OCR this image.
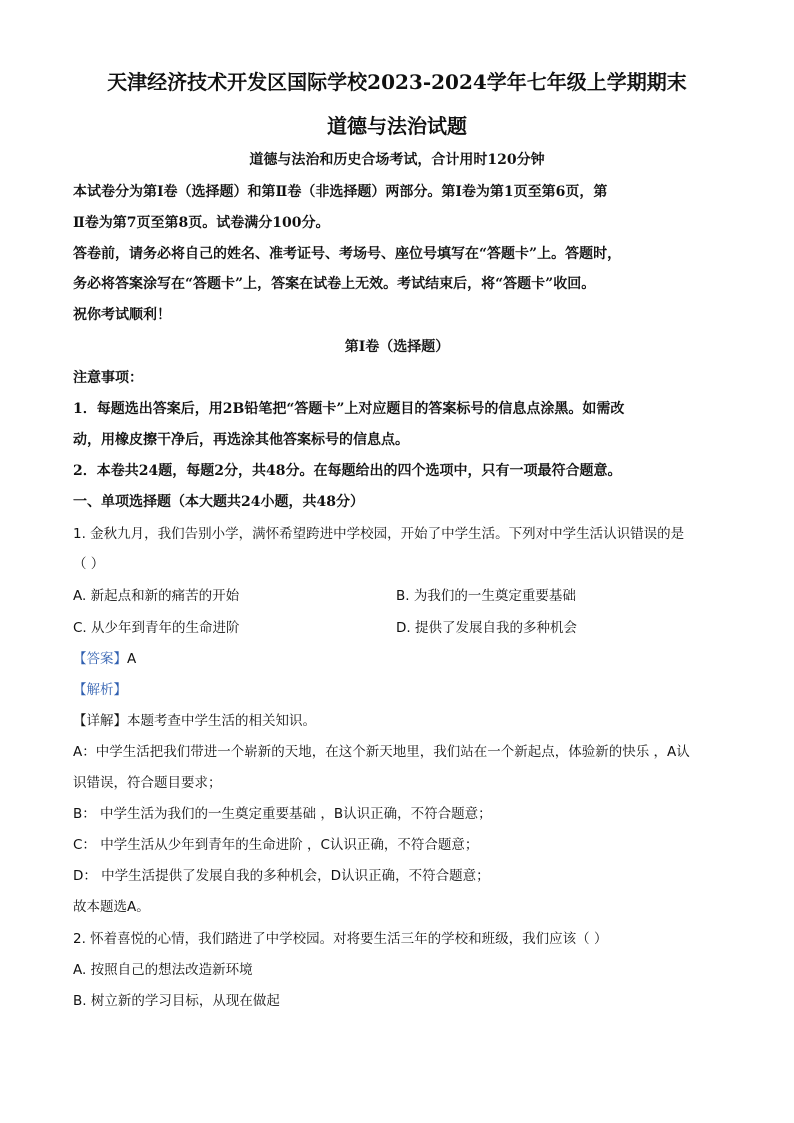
天津经济技术开发区国际学校2023-2024学年七年级上学期期末
道德与法治试题
道德与法治和历史合场考试，合计用时120分钟
本试卷分为第Ⅰ卷（选择题）和第Ⅱ卷（非选择题）两部分。第Ⅰ卷为第1页至第6页，第
Ⅱ卷为第7页至第8页。试卷满分100分。
答卷前，请务必将自己的姓名、准考证号、考场号、座位号填写在“答题卡”上。答题时，
务必将答案涂写在“答题卡”上，答案在试卷上无效。考试结束后，将“答题卡”收回。
祝你考试顺利！
第Ⅰ卷（选择题）
注意事项：
1．每题选出答案后，用2B铅笔把“答题卡”上对应题目的答案标号的信息点涂黑。如需改
动，用橡皮擦干净后，再选涂其他答案标号的信息点。
2．本卷共24题，每题2分，共48分。在每题给出的四个选项中，只有一项最符合题意。
一、单项选择题（本大题共24小题，共48分）
1. 金秋九月，我们告别小学，满怀希望跨进中学校园，开始了中学生活。下列对中学生活认识错误的是
（ ）
A. 新起点和新的痛苦的开始	B. 为我们的一生奠定重要基础
C. 从少年到青年的生命进阶	D. 提供了发展自我的多种机会
【答案】A
【解析】
【详解】本题考查中学生活的相关知识。
A：中学生活把我们带进一个崭新的天地，在这个新天地里，我们站在一个新起点，体验新的快乐 ，A认
识错误，符合题目要求；
B： 中学生活为我们的一生奠定重要基础 ，B认识正确，不符合题意；
C： 中学生活从少年到青年的生命进阶 ，C认识正确，不符合题意；
D： 中学生活提供了发展自我的多种机会，D认识正确，不符合题意；
故本题选A。
2. 怀着喜悦的心情，我们踏进了中学校园。对将要生活三年的学校和班级，我们应该（ ）
A. 按照自己的想法改造新环境
B. 树立新的学习目标，从现在做起
